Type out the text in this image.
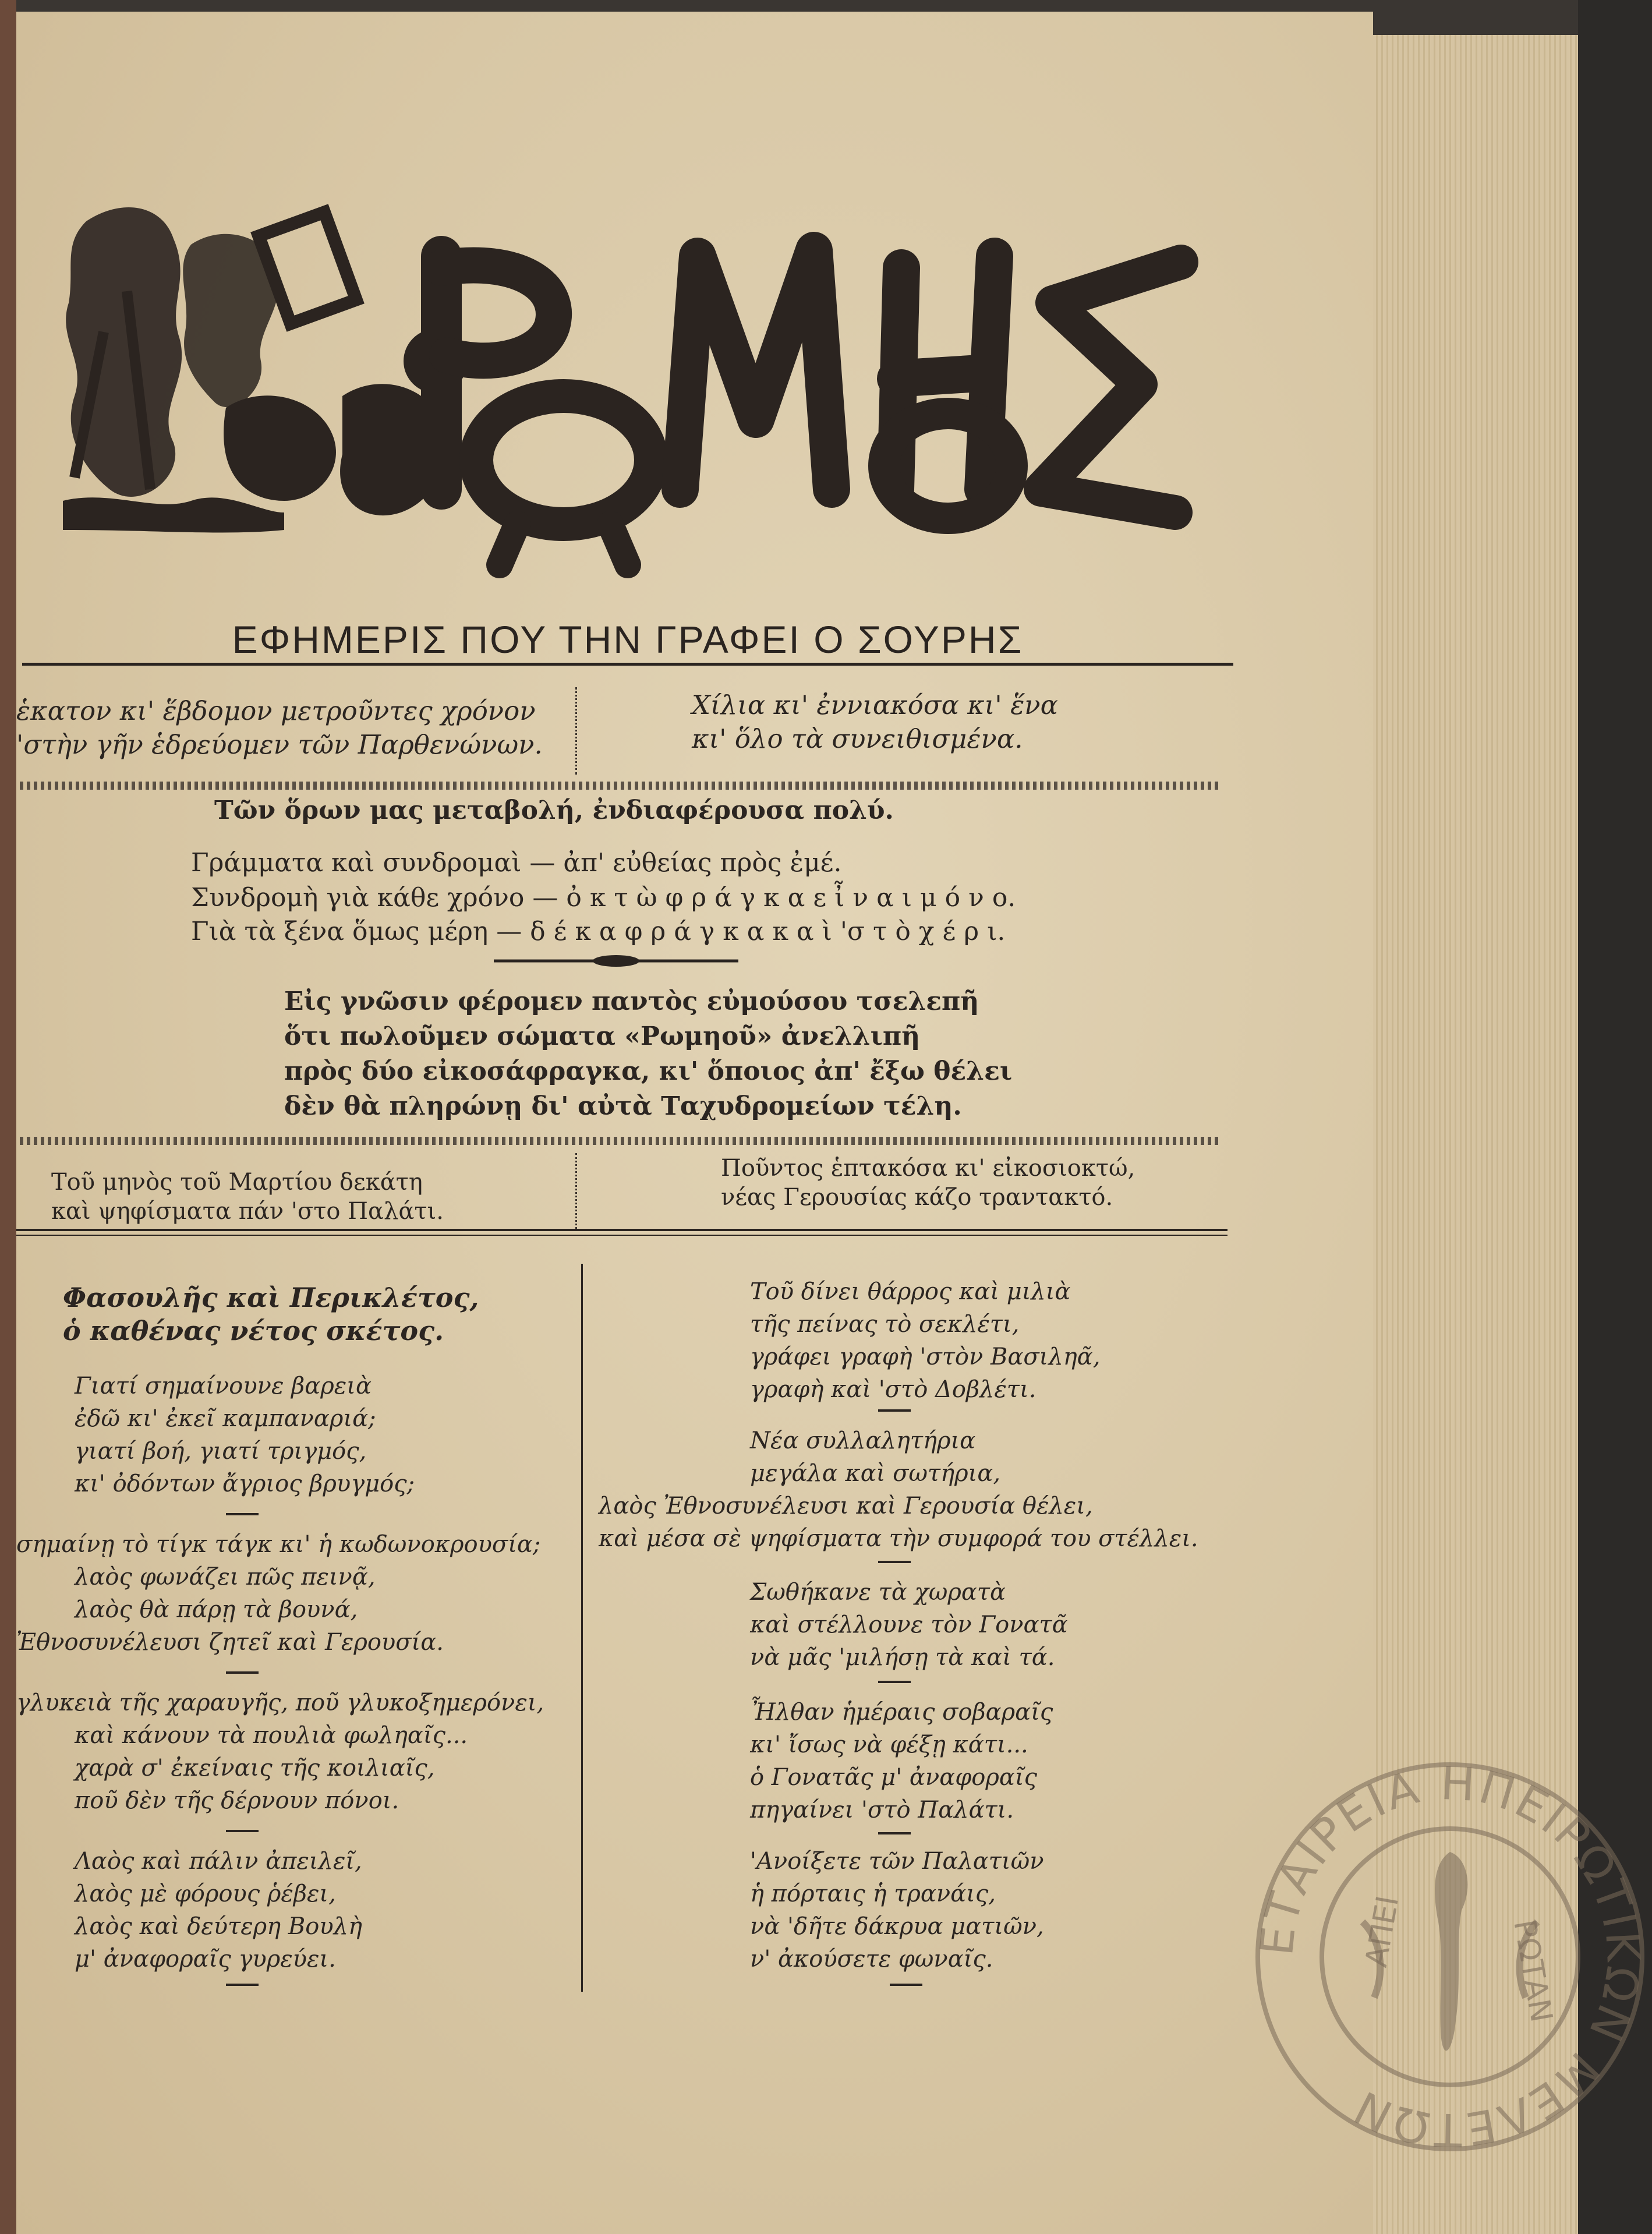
ΕΦΗΜΕΡΙΣ ΠΟΥ ΤΗΝ ΓΡΑΦΕΙ Ο ΣΟΥΡΗΣ
ἑκατον κι' ἕβδομον μετροῦντες χρόνον
'στὴν γῆν ἑδρεύομεν τῶν Παρθενώνων.
Χίλια κι' ἐννιακόσα κι' ἕνα
κι' ὅλο τὰ συνειθισμένα.
Τῶν ὅρων μας μεταβολή, ἐνδιαφέρουσα πολύ.
Γράμματα καὶ συνδρομαὶ — ἀπ' εὐθείας πρὸς ἐμέ.
Συνδρομὴ γιὰ κάθε χρόνο — ὀ κ τ ὼ φ ρ ά γ κ α ε ἶ ν α ι μ ό ν ο.
Γιὰ τὰ ξένα ὅμως μέρη — δ έ κ α φ ρ ά γ κ α κ α ὶ 'σ τ ὸ χ έ ρ ι.
Εἰς γνῶσιν φέρομεν παντὸς εὐμούσου τσελεπῆ
ὅτι πωλοῦμεν σώματα «Ρωμηοῦ» ἀνελλιπῆ
πρὸς δύο εἰκοσάφραγκα, κι' ὅποιος ἀπ' ἔξω θέλει
δὲν θὰ πληρώνῃ δι' αὐτὰ Ταχυδρομείων τέλη.
Τοῦ μηνὸς τοῦ Μαρτίου δεκάτη
καὶ ψηφίσματα πάν 'στο Παλάτι.
Ποῦντος ἑπτακόσα κι' εἰκοσιοκτώ,
νέας Γερουσίας κάζο τραντακτό.
Φασουλῆς καὶ Περικλέτος,
ὁ καθένας νέτος σκέτος.
Γιατί σημαίνουνε βαρειὰ
ἐδῶ κι' ἐκεῖ καμπαναριά;
γιατί βοή, γιατί τριγμός,
κι' ὀδόντων ἄγριος βρυγμός;
σημαίνῃ τὸ τίγκ τάγκ κι' ἡ κωδωνοκρουσία;
λαὸς φωνάζει πῶς πεινᾷ,
λαὸς θὰ πάρῃ τὰ βουνά,
Ἐθνοσυνέλευσι ζητεῖ καὶ Γερουσία.
γλυκειὰ τῆς χαραυγῆς, ποῦ γλυκοξημερόνει,
καὶ κάνουν τὰ πουλιὰ φωληαῖς...
χαρὰ σ' ἐκείναις τῆς κοιλιαῖς,
ποῦ δὲν τῆς δέρνουν πόνοι.
Λαὸς καὶ πάλιν ἀπειλεῖ,
λαὸς μὲ φόρους ῥέβει,
λαὸς καὶ δεύτερη Βουλὴ
μ' ἀναφοραῖς γυρεύει.
Τοῦ δίνει θάρρος καὶ μιλιὰ
τῆς πείνας τὸ σεκλέτι,
γράφει γραφὴ 'στὸν Βασιληᾶ,
γραφὴ καὶ 'στὸ Δοβλέτι.
Νέα συλλαλητήρια
μεγάλα καὶ σωτήρια,
λαὸς Ἐθνοσυνέλευσι καὶ Γερουσία θέλει,
καὶ μέσα σὲ ψηφίσματα τὴν συμφορά του στέλλει.
Σωθήκανε τὰ χωρατὰ
καὶ στέλλουνε τὸν Γονατᾶ
νὰ μᾶς 'μιλήσῃ τὰ καὶ τά.
Ἦλθαν ἡμέραις σοβαραῖς
κι' ἴσως νὰ φέξῃ κάτι...
ὁ Γονατᾶς μ' ἀναφοραῖς
πηγαίνει 'στὸ Παλάτι.
'Ανοίξετε τῶν Παλατιῶν
ἡ πόρταις ἡ τρανάις,
νὰ 'δῆτε δάκρυα ματιῶν,
ν' ἀκούσετε φωναῖς.
ΕΤΑΙΡΕΙΑ ΗΠΕΙΡΩΤΙΚΩΝ ΜΕΛΕΤΩΝ
ΑΠΕΙ	ΡΩΤΑΝ
